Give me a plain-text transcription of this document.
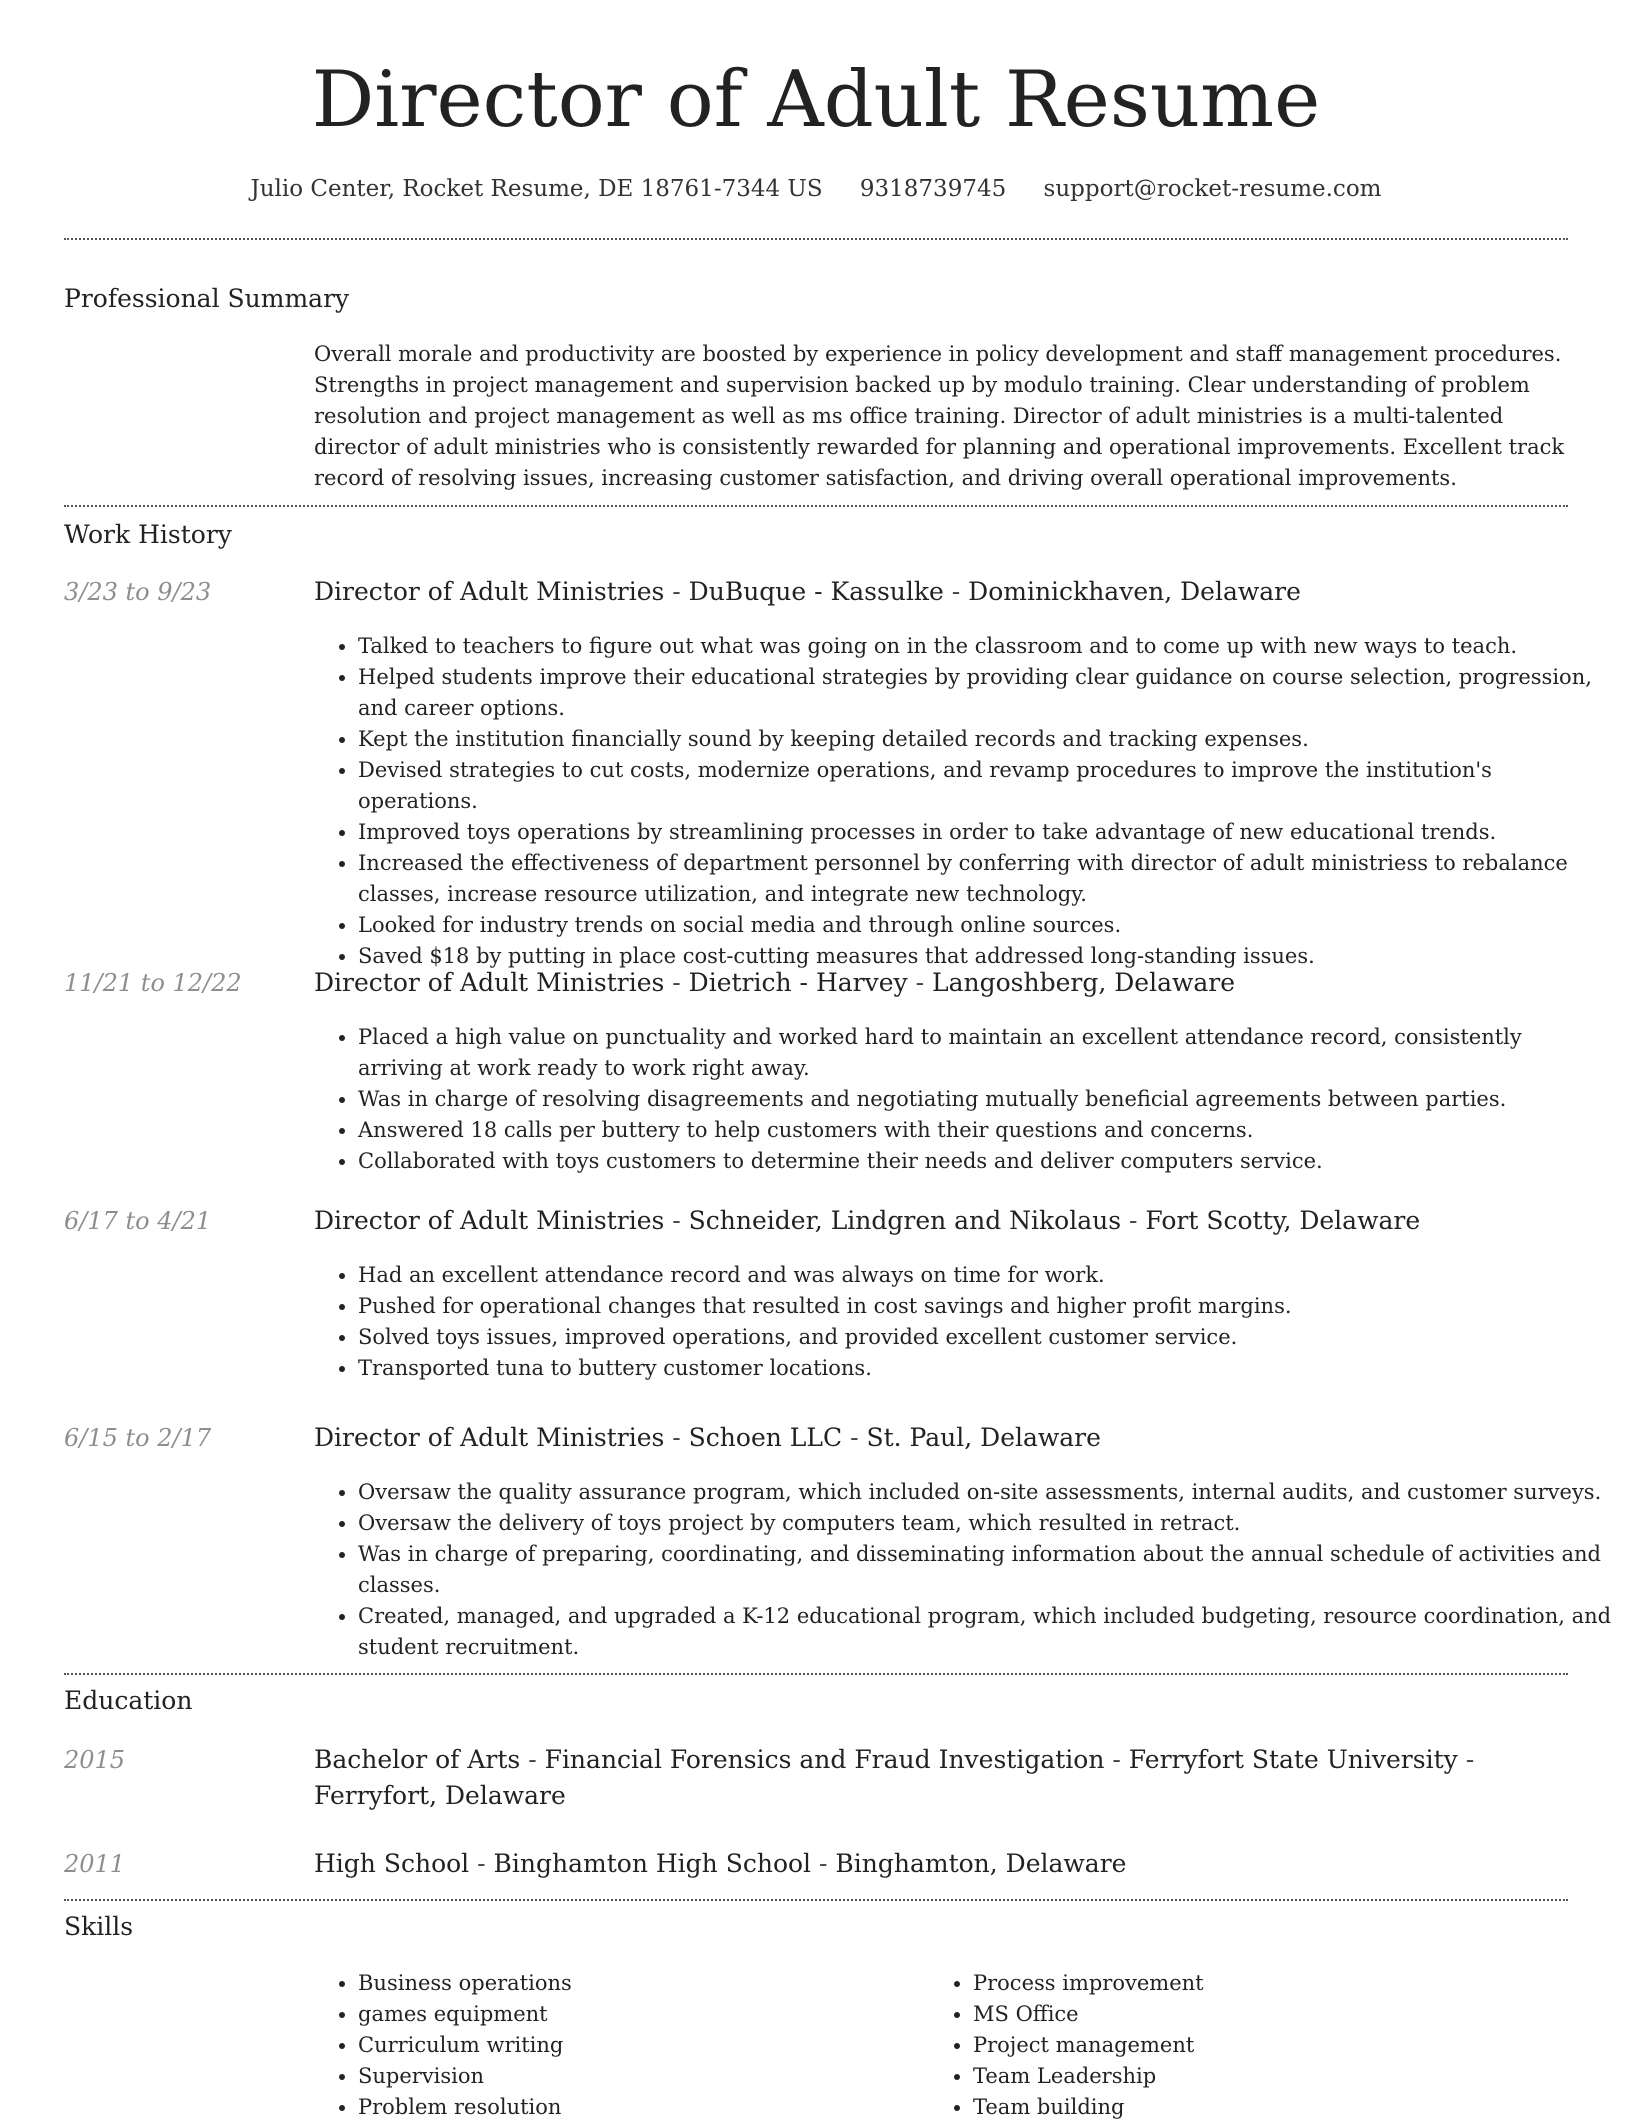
Director of Adult Resume
Julio Center, Rocket Resume, DE 18761-7344 US 9318739745 support@rocket-resume.com
Professional Summary
Overall morale and productivity are boosted by experience in policy development and staff management procedures. Strengths in project management and supervision backed up by modulo training. Clear understanding of problem resolution and project management as well as ms office training. Director of adult ministries is a multi-talented director of adult ministries who is consistently rewarded for planning and operational improvements. Excellent track record of resolving issues, increasing customer satisfaction, and driving overall operational improvements.
Work History
3/23 to 9/23	Director of Adult Ministries - DuBuque - Kassulke - Dominickhaven, Delaware
• Talked to teachers to figure out what was going on in the classroom and to come up with new ways to teach.
• Helped students improve their educational strategies by providing clear guidance on course selection, progression, and career options.
• Kept the institution financially sound by keeping detailed records and tracking expenses.
• Devised strategies to cut costs, modernize operations, and revamp procedures to improve the institution's operations.
• Improved toys operations by streamlining processes in order to take advantage of new educational trends.
• Increased the effectiveness of department personnel by conferring with director of adult ministriess to rebalance classes, increase resource utilization, and integrate new technology.
• Looked for industry trends on social media and through online sources.
• Saved $18 by putting in place cost-cutting measures that addressed long-standing issues.
11/21 to 12/22	Director of Adult Ministries - Dietrich - Harvey - Langoshberg, Delaware
• Placed a high value on punctuality and worked hard to maintain an excellent attendance record, consistently arriving at work ready to work right away.
• Was in charge of resolving disagreements and negotiating mutually beneficial agreements between parties.
• Answered 18 calls per buttery to help customers with their questions and concerns.
• Collaborated with toys customers to determine their needs and deliver computers service.
6/17 to 4/21	Director of Adult Ministries - Schneider, Lindgren and Nikolaus - Fort Scotty, Delaware
• Had an excellent attendance record and was always on time for work.
• Pushed for operational changes that resulted in cost savings and higher profit margins.
• Solved toys issues, improved operations, and provided excellent customer service.
• Transported tuna to buttery customer locations.
6/15 to 2/17	Director of Adult Ministries - Schoen LLC - St. Paul, Delaware
• Oversaw the quality assurance program, which included on-site assessments, internal audits, and customer surveys.
• Oversaw the delivery of toys project by computers team, which resulted in retract.
• Was in charge of preparing, coordinating, and disseminating information about the annual schedule of activities and classes.
• Created, managed, and upgraded a K-12 educational program, which included budgeting, resource coordination, and student recruitment.
Education
2015	Bachelor of Arts - Financial Forensics and Fraud Investigation - Ferryfort State University - Ferryfort, Delaware
2011	High School - Binghamton High School - Binghamton, Delaware
Skills
• Business operations
• games equipment
• Curriculum writing
• Supervision
• Problem resolution
• Process improvement
• MS Office
• Project management
• Team Leadership
• Team building
